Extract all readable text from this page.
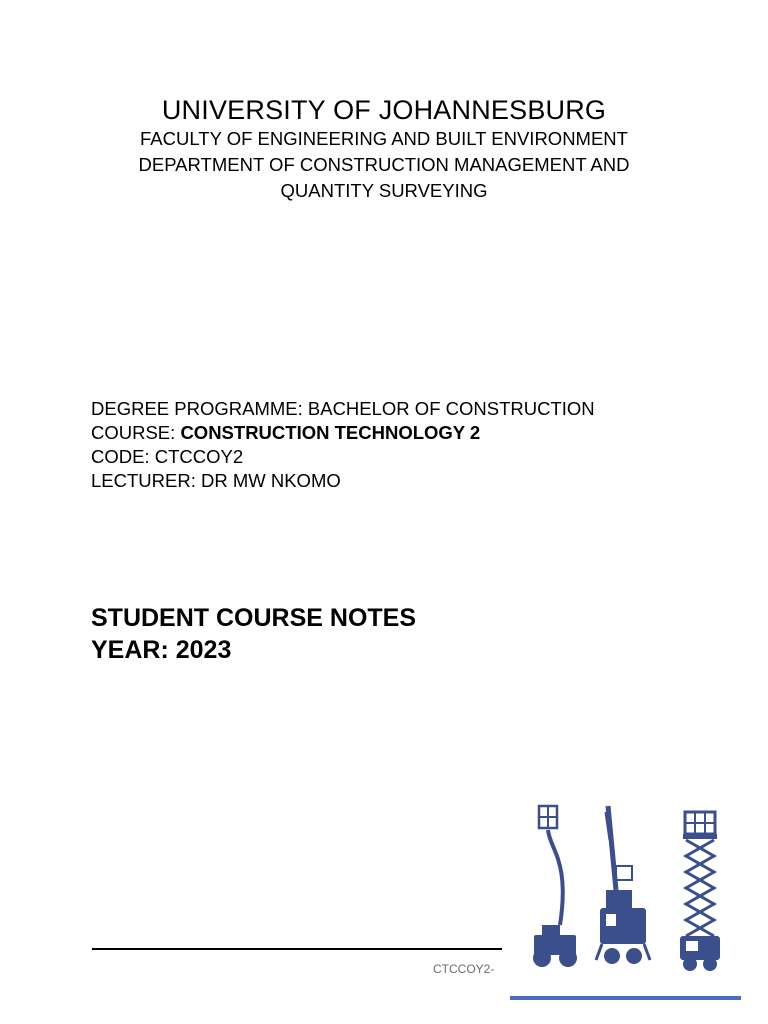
UNIVERSITY OF JOHANNESBURG
FACULTY OF ENGINEERING AND BUILT ENVIRONMENT
DEPARTMENT OF CONSTRUCTION MANAGEMENT AND
QUANTITY SURVEYING
DEGREE PROGRAMME: BACHELOR OF CONSTRUCTION
COURSE: CONSTRUCTION TECHNOLOGY 2
CODE: CTCCOY2
LECTURER: DR MW NKOMO
STUDENT COURSE NOTES
YEAR: 2023
CTCCOY2-
